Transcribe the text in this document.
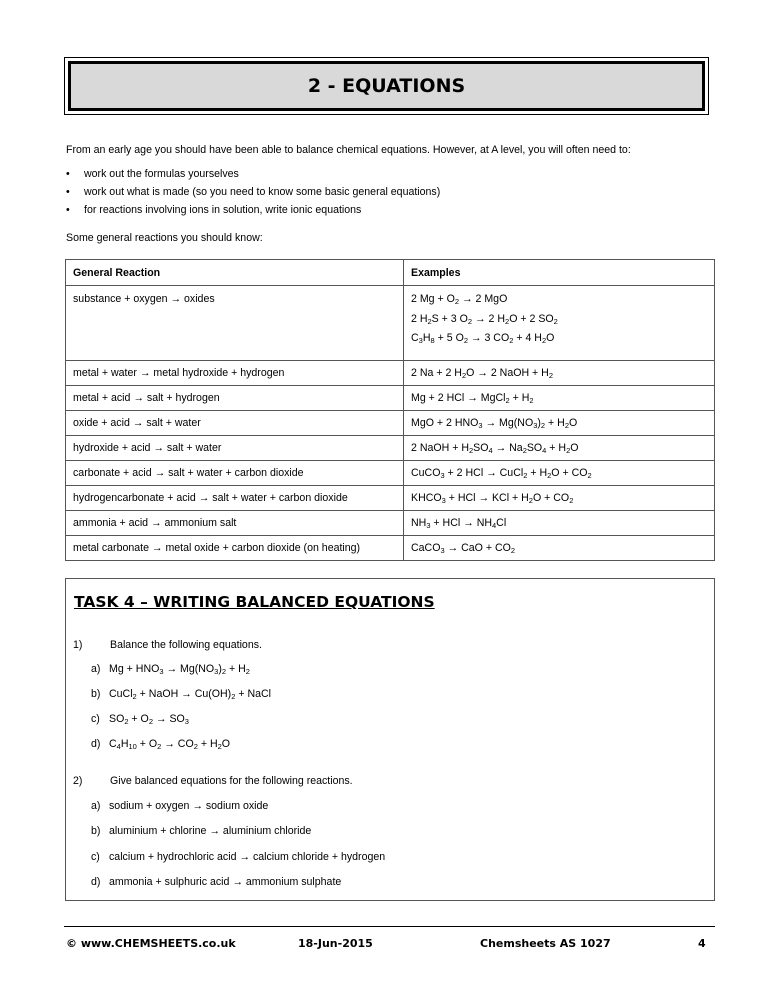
2 - EQUATIONS
From an early age you should have been able to balance chemical equations. However, at A level, you will often need to:
• work out the formulas yourselves
• work out what is made (so you need to know some basic general equations)
• for reactions involving ions in solution, write ionic equations
Some general reactions you should know:
General Reaction	Examples

substance + oxygen → oxides	2 $Mg + O_2 \to 2$ MgO
2 $H_2S + 3$ $O_2 \to 2$ $H_2O + 2$ $SO_2$
$C_3H_8 + 5$ $O_2 \to 3$ $CO_2 + 4$ $H_2O$

metal + water → metal hydroxide + hydrogen	2 Na + 2 $H_2O \to 2$ NaOH + $H_2$
metal + acid → salt + hydrogen	Mg + 2 HCl → MgCl$_2$ + $H_2$
oxide + acid → salt + water	MgO + 2 $HNO_3 \to Mg(NO_3)_2 + H_2O$
hydroxide + acid → salt + water	2 NaOH + $H_2SO_4 \to Na_2SO_4 + H_2O$
carbonate + acid → salt + water + carbon dioxide	CuCO$_3$ + 2 HCl → CuCl$_2$ + $H_2O + CO_2$
hydrogencarbonate + acid → salt + water + carbon dioxide	$KHCO_3$ + HCl → KCl + $H_2O + CO_2$
ammonia + acid → ammonium salt	$NH_3$ + HCl → $NH_4Cl$
metal carbonate → metal oxide + carbon dioxide (on heating)	CaCO$_3$ → CaO + $CO_2$
TASK 4 – WRITING BALANCED EQUATIONS
1)	Balance the following equations.
a) $Mg + HNO_3 \to Mg(NO_3)_2 + H_2$
b) CuCl$_2$ + NaOH → $Cu(OH)_2$ + NaCl
c) $SO_2 + O_2 \to SO_3$
d) $C_4H_{10} + O_2 \to CO_2 + H_2O$
2)	Give balanced equations for the following reactions.
a) sodium + oxygen → sodium oxide
b) aluminium + chlorine → aluminium chloride
c) calcium + hydrochloric acid → calcium chloride + hydrogen
d) ammonia + sulphuric acid → ammonium sulphate
© www.CHEMSHEETS.co.uk	18-Jun-2015	Chemsheets AS 1027	4
